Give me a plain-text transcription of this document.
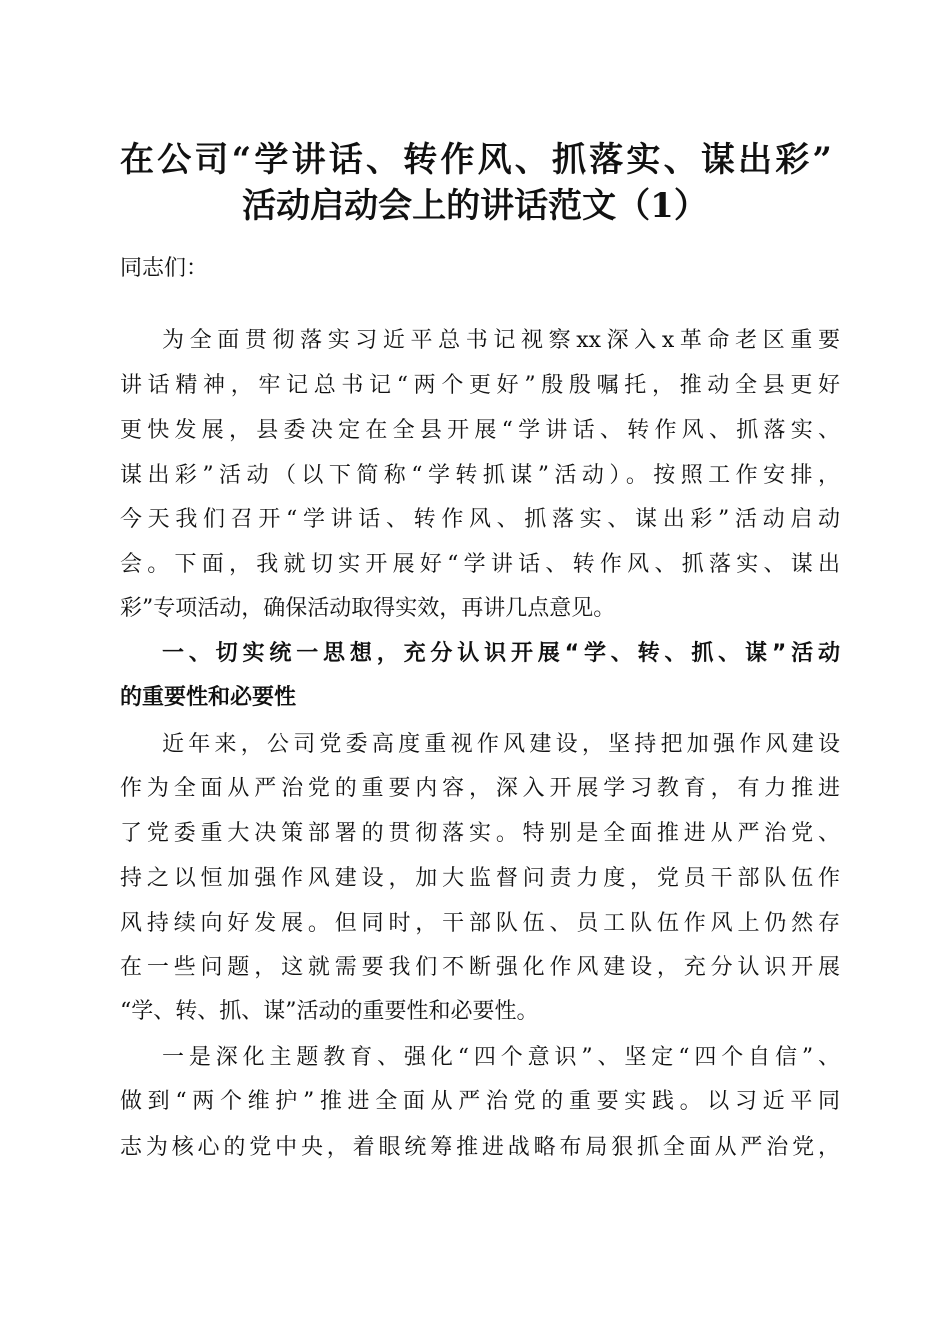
在公司“学讲话、转作风、抓落实、谋出彩”
活动启动会上的讲话范文（1）
同志们：
为全面贯彻落实习近平总书记视察xx深入x革命老区重要
讲话精神，牢记总书记“两个更好”殷殷嘱托，推动全县更好
更快发展，县委决定在全县开展“学讲话、转作风、抓落实、
谋出彩”活动（以下简称“学转抓谋”活动）。按照工作安排，
今天我们召开“学讲话、转作风、抓落实、谋出彩”活动启动
会。下面，我就切实开展好“学讲话、转作风、抓落实、谋出
彩”专项活动，确保活动取得实效，再讲几点意见。
一、切实统一思想，充分认识开展“学、转、抓、谋”活动
的重要性和必要性
近年来，公司党委高度重视作风建设，坚持把加强作风建设
作为全面从严治党的重要内容，深入开展学习教育，有力推进
了党委重大决策部署的贯彻落实。特别是全面推进从严治党、
持之以恒加强作风建设，加大监督问责力度，党员干部队伍作
风持续向好发展。但同时，干部队伍、员工队伍作风上仍然存
在一些问题，这就需要我们不断强化作风建设，充分认识开展
“学、转、抓、谋”活动的重要性和必要性。
一是深化主题教育、强化“四个意识”、坚定“四个自信”、
做到“两个维护”推进全面从严治党的重要实践。以习近平同
志为核心的党中央，着眼统筹推进战略布局狠抓全面从严治党，
